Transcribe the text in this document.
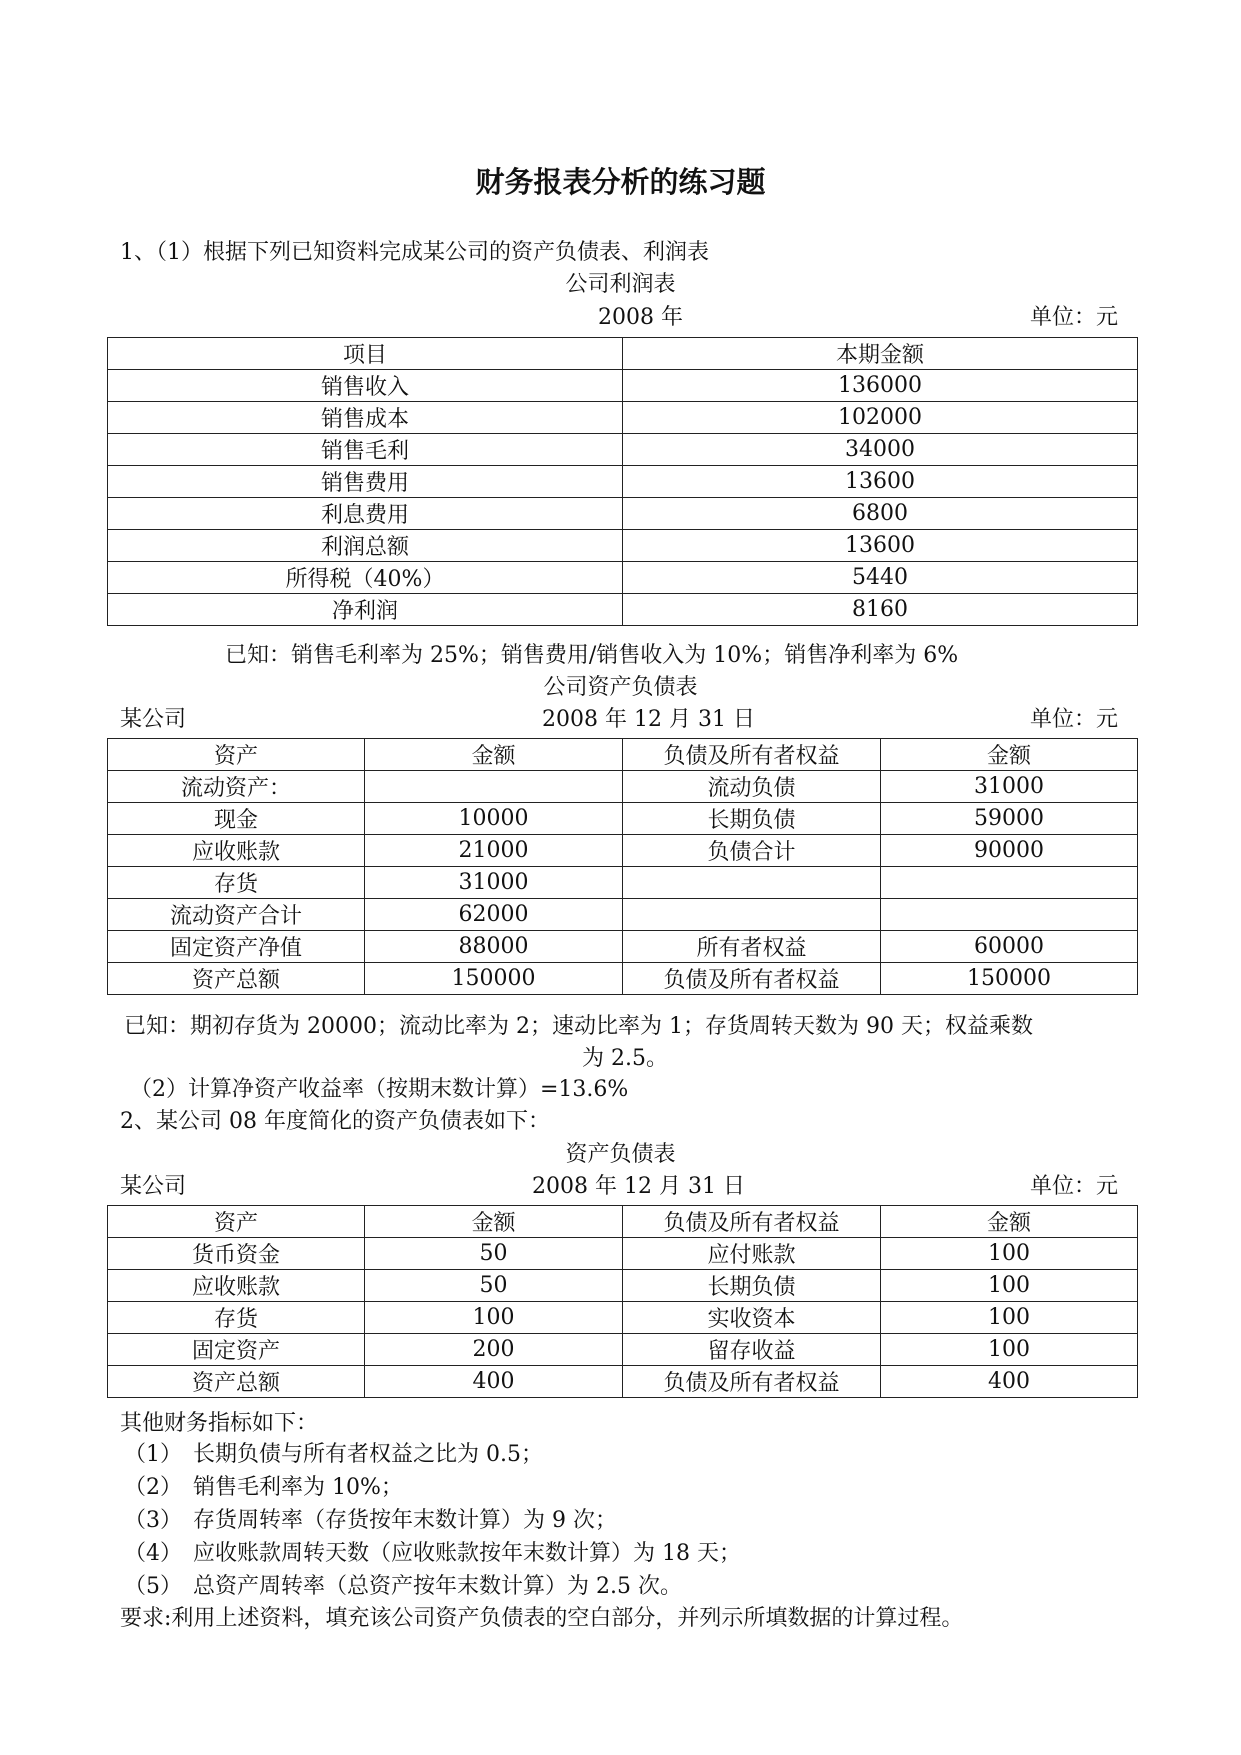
财务报表分析的练习题
1、（1）根据下列已知资料完成某公司的资产负债表、利润表
公司利润表
2008 年	单位：元
项目	本期金额
销售收入	136000
销售成本	102000
销售毛利	34000
销售费用	13600
利息费用	6800
利润总额	13600
所得税（40%）	5440
净利润	8160
已知：销售毛利率为 25%；销售费用/销售收入为 10%；销售净利率为 6%
公司资产负债表
某公司	2008 年 12 月 31 日	单位：元
资产	金额	负债及所有者权益	金额
流动资产：		流动负债	31000
现金	10000	长期负债	59000
应收账款	21000	负债合计	90000
存货	31000		
流动资产合计	62000		
固定资产净值	88000	所有者权益	60000
资产总额	150000	负债及所有者权益	150000
已知：期初存货为 20000；流动比率为 2；速动比率为 1；存货周转天数为 90 天；权益乘数
为 2.5。
（2）计算净资产收益率（按期末数计算）=13.6%
2、某公司 08 年度简化的资产负债表如下：
资产负债表
某公司	2008 年 12 月 31 日	单位：元
资产	金额	负债及所有者权益	金额
货币资金	50	应付账款	100
应收账款	50	长期负债	100
存货	100	实收资本	100
固定资产	200	留存收益	100
资产总额	400	负债及所有者权益	400
其他财务指标如下：
（1）　长期负债与所有者权益之比为 0.5；
（2）　销售毛利率为 10%；
（3）　存货周转率（存货按年末数计算）为 9 次；
（4）　应收账款周转天数（应收账款按年末数计算）为 18 天；
（5）　总资产周转率（总资产按年末数计算）为 2.5 次。
要求:利用上述资料，填充该公司资产负债表的空白部分，并列示所填数据的计算过程。
